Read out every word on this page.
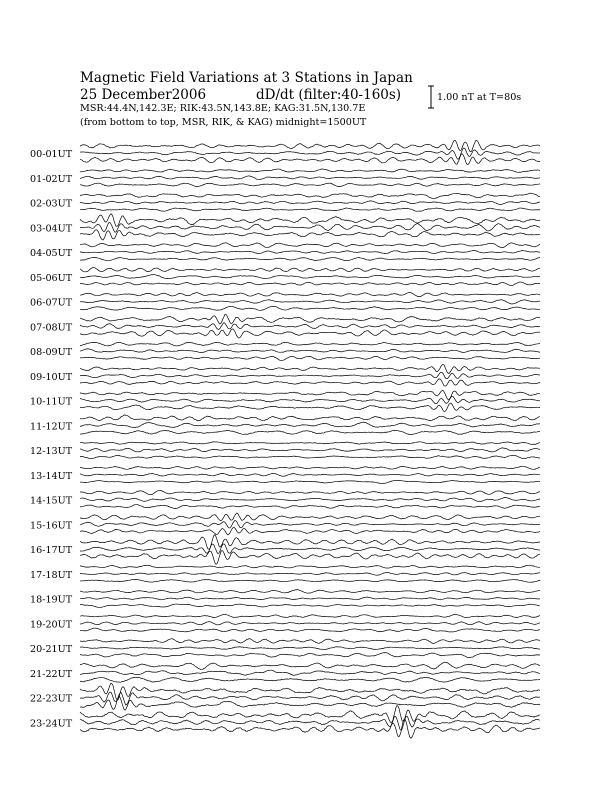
Magnetic Field Variations at 3 Stations in Japan
25 December2006	dD/dt (filter:40-160s)
MSR:44.4N,142.3E; RIK:43.5N,143.8E; KAG:31.5N,130.7E
(from bottom to top, MSR, RIK, & KAG) midnight=1500UT
1.00 nT at T=80s
00-01UT
01-02UT
02-03UT
03-04UT
04-05UT
05-06UT
06-07UT
07-08UT
08-09UT
09-10UT
10-11UT
11-12UT
12-13UT
13-14UT
14-15UT
15-16UT
16-17UT
17-18UT
18-19UT
19-20UT
20-21UT
21-22UT
22-23UT
23-24UT
